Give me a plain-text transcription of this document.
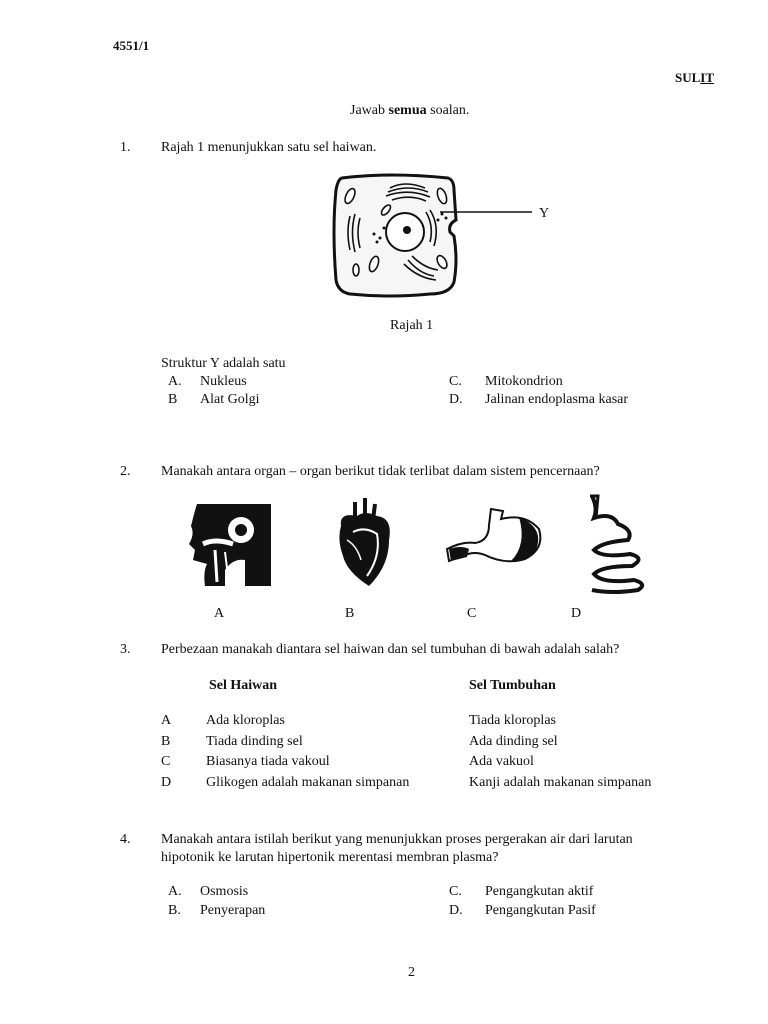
4551/1
SULIT
Jawab semua soalan.
1. Rajah 1 menunjukkan satu sel haiwan.
Y
Rajah 1
Struktur Y adalah satu
A. Nukleus
B Alat Golgi
C. Mitokondrion
D. Jalinan endoplasma kasar
2. Manakah antara organ – organ berikut tidak terlibat dalam sistem pencernaan?
A	B	C	D
3. Perbezaan manakah diantara sel haiwan dan sel tumbuhan di bawah adalah salah?
Sel Haiwan	Sel Tumbuhan
A Ada kloroplas	Tiada kloroplas
B	Tiada dinding sel	Ada dinding sel
C	Biasanya tiada vakoul	Ada vakuol
D Glikogen adalah makanan simpanan	Kanji adalah makanan simpanan
4. Manakah antara istilah berikut yang menunjukkan proses pergerakan air dari larutan
hipotonik ke larutan hipertonik merentasi membran plasma?
A. Osmosis
B. Penyerapan
C. Pengangkutan aktif
D. Pengangkutan Pasif
2
